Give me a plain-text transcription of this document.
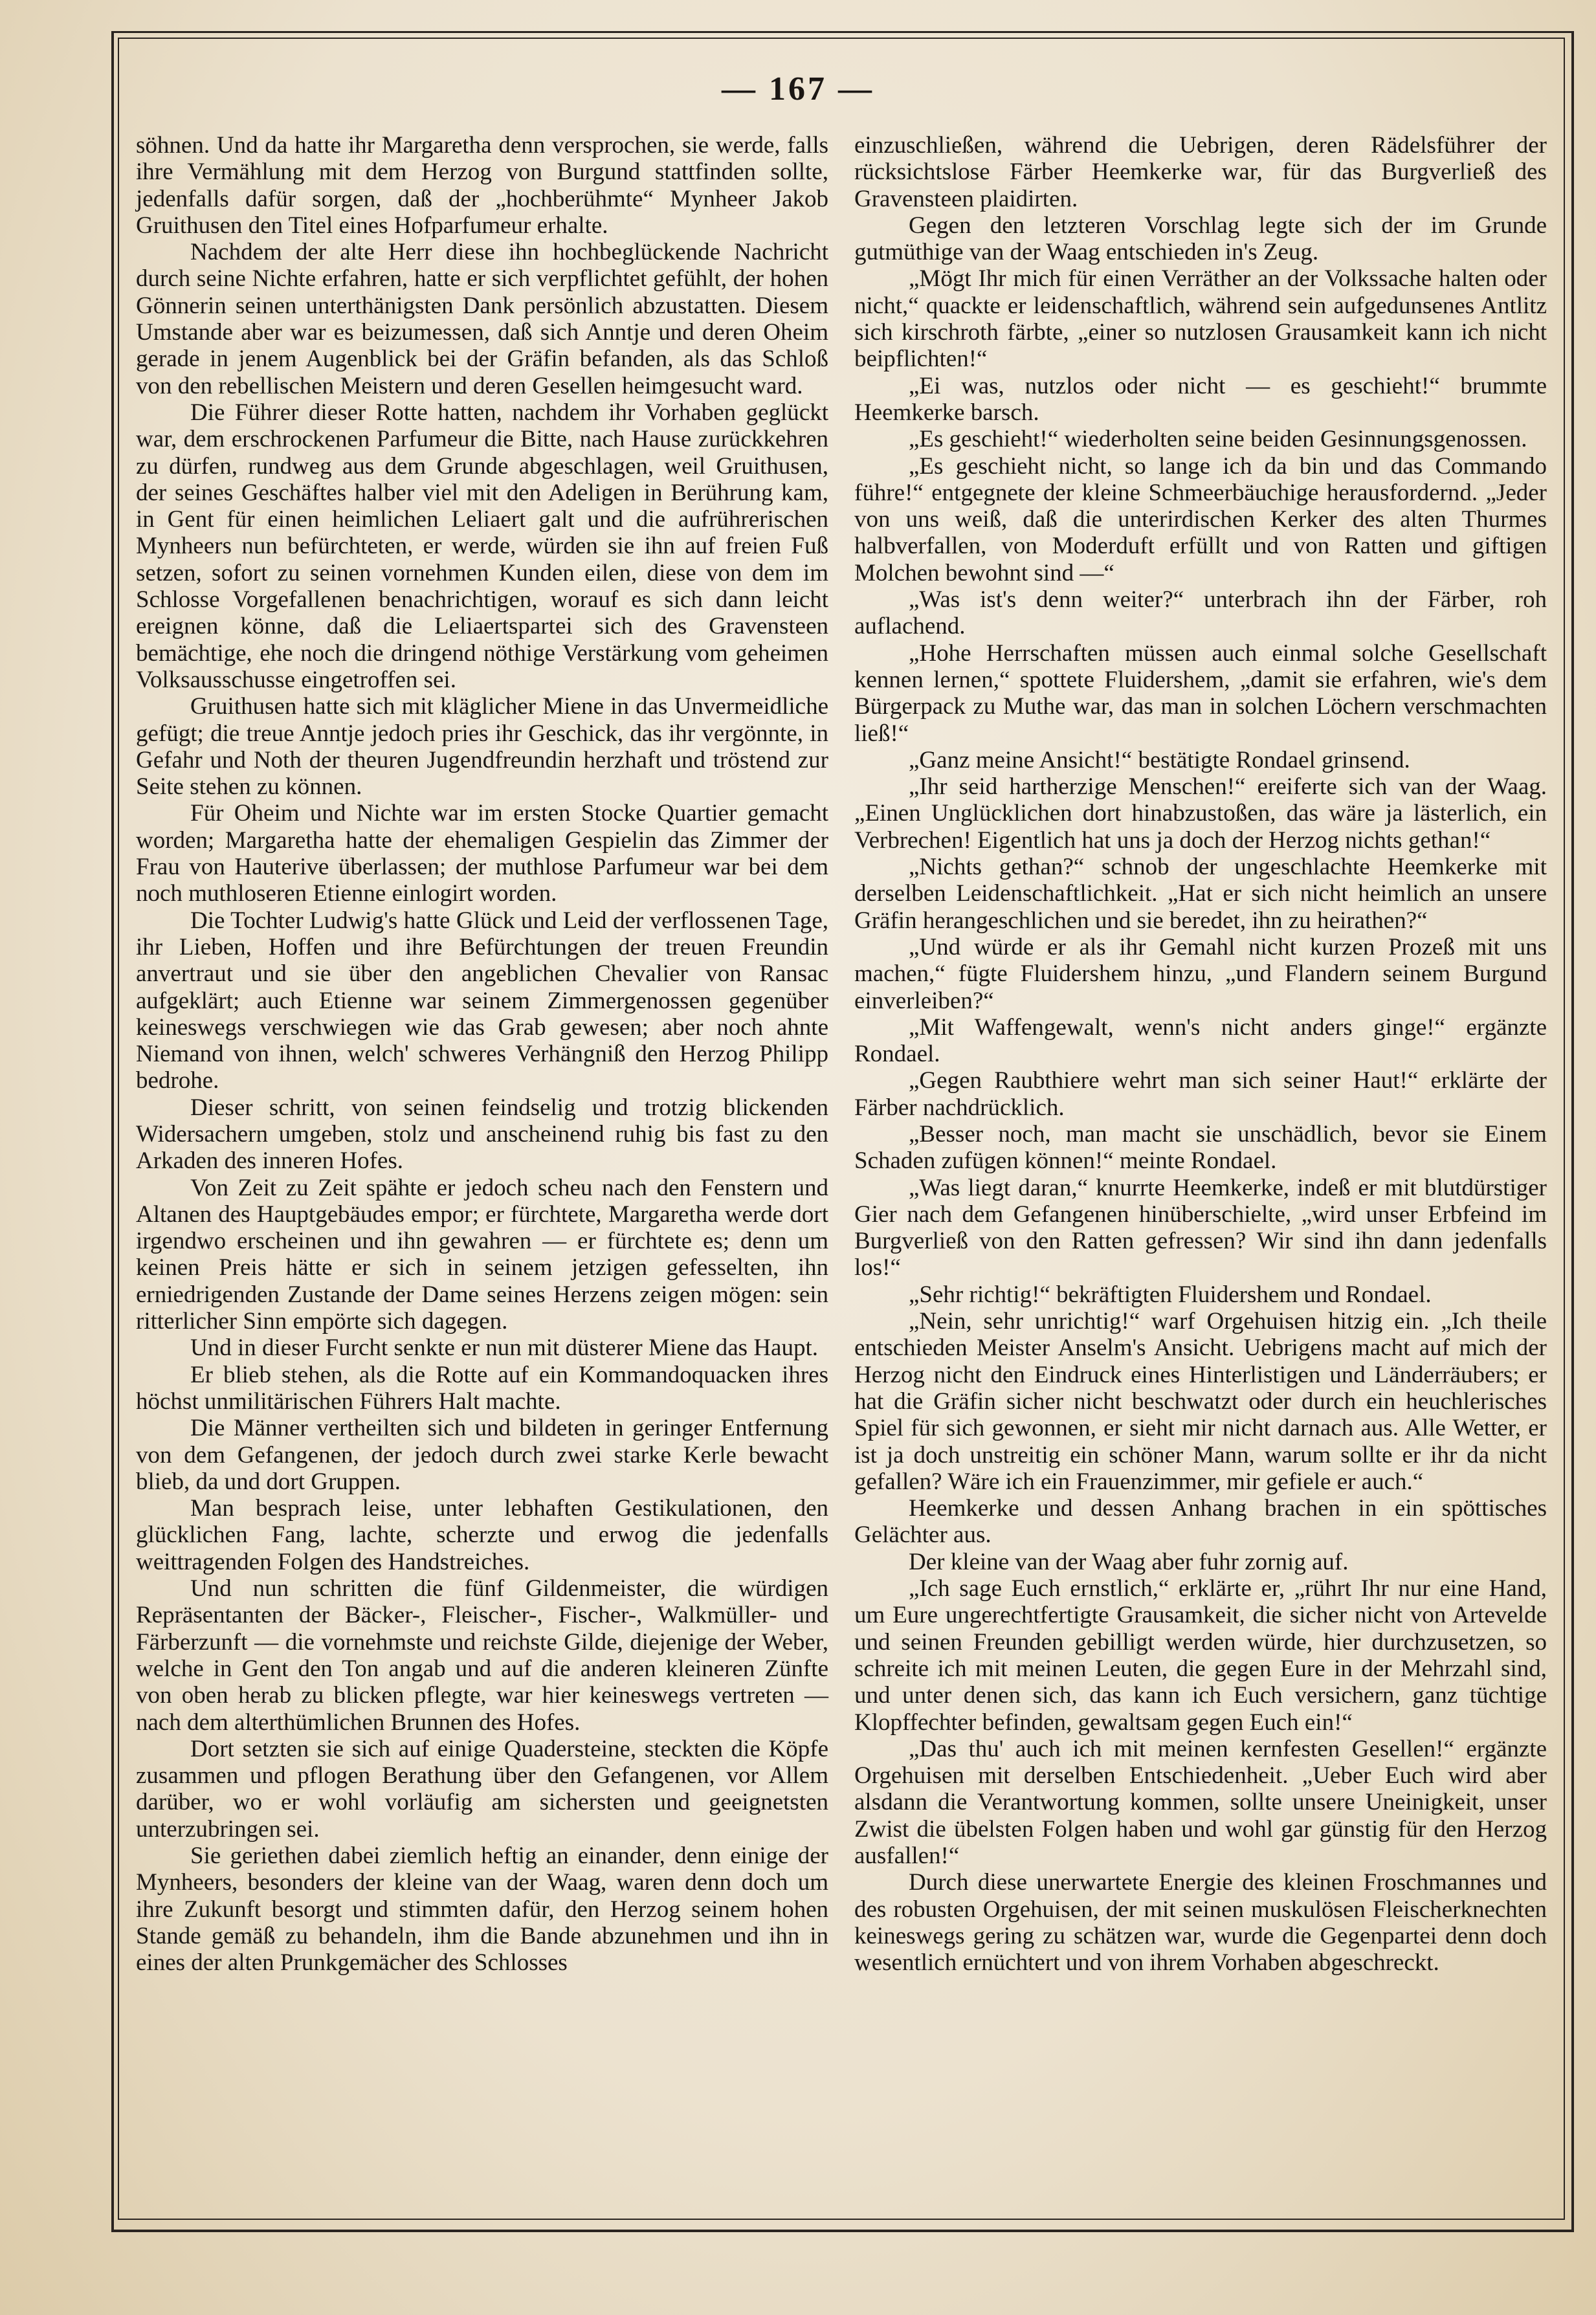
— 167 —

söhnen. Und da hatte ihr Margaretha denn versprochen, sie werde, falls ihre Vermählung mit dem Herzog von Burgund stattfinden sollte, jedenfalls dafür sorgen, daß der „hochberühmte“ Mynheer Jakob Gruithusen den Titel eines Hofparfumeur erhalte.

Nachdem der alte Herr diese ihn hochbeglückende Nachricht durch seine Nichte erfahren, hatte er sich verpflichtet gefühlt, der hohen Gönnerin seinen unterthänigsten Dank persönlich abzustatten. Diesem Umstande aber war es beizumessen, daß sich Anntje und deren Oheim gerade in jenem Augenblick bei der Gräfin befanden, als das Schloß von den rebellischen Meistern und deren Gesellen heimgesucht ward.

Die Führer dieser Rotte hatten, nachdem ihr Vorhaben geglückt war, dem erschrockenen Parfumeur die Bitte, nach Hause zurückkehren zu dürfen, rundweg aus dem Grunde abgeschlagen, weil Gruithusen, der seines Geschäftes halber viel mit den Adeligen in Berührung kam, in Gent für einen heimlichen Leliaert galt und die aufrührerischen Mynheers nun befürchteten, er werde, würden sie ihn auf freien Fuß setzen, sofort zu seinen vornehmen Kunden eilen, diese von dem im Schlosse Vorgefallenen benachrichtigen, worauf es sich dann leicht ereignen könne, daß die Leliaertspartei sich des Gravensteen bemächtige, ehe noch die dringend nöthige Verstärkung vom geheimen Volksausschusse eingetroffen sei.

Gruithusen hatte sich mit kläglicher Miene in das Unvermeidliche gefügt; die treue Anntje jedoch pries ihr Geschick, das ihr vergönnte, in Gefahr und Noth der theuren Jugendfreundin herzhaft und tröstend zur Seite stehen zu können.

Für Oheim und Nichte war im ersten Stocke Quartier gemacht worden; Margaretha hatte der ehemaligen Gespielin das Zimmer der Frau von Hauterive überlassen; der muthlose Parfumeur war bei dem noch muthloseren Etienne einlogirt worden.

Die Tochter Ludwig's hatte Glück und Leid der verflossenen Tage, ihr Lieben, Hoffen und ihre Befürchtungen der treuen Freundin anvertraut und sie über den angeblichen Chevalier von Ransac aufgeklärt; auch Etienne war seinem Zimmergenossen gegenüber keineswegs verschwiegen wie das Grab gewesen; aber noch ahnte Niemand von ihnen, welch' schweres Verhängniß den Herzog Philipp bedrohe.

Dieser schritt, von seinen feindselig und trotzig blickenden Widersachern umgeben, stolz und anscheinend ruhig bis fast zu den Arkaden des inneren Hofes.

Von Zeit zu Zeit spähte er jedoch scheu nach den Fenstern und Altanen des Hauptgebäudes empor; er fürchtete, Margaretha werde dort irgendwo erscheinen und ihn gewahren — er fürchtete es; denn um keinen Preis hätte er sich in seinem jetzigen gefesselten, ihn erniedrigenden Zustande der Dame seines Herzens zeigen mögen: sein ritterlicher Sinn empörte sich dagegen.

Und in dieser Furcht senkte er nun mit düsterer Miene das Haupt.

Er blieb stehen, als die Rotte auf ein Kommandoquacken ihres höchst unmilitärischen Führers Halt machte.

Die Männer vertheilten sich und bildeten in geringer Entfernung von dem Gefangenen, der jedoch durch zwei starke Kerle bewacht blieb, da und dort Gruppen.

Man besprach leise, unter lebhaften Gestikulationen, den glücklichen Fang, lachte, scherzte und erwog die jedenfalls weittragenden Folgen des Handstreiches.

Und nun schritten die fünf Gildenmeister, die würdigen Repräsentanten der Bäcker-, Fleischer-, Fischer-, Walkmüller- und Färberzunft — die vornehmste und reichste Gilde, diejenige der Weber, welche in Gent den Ton angab und auf die anderen kleineren Zünfte von oben herab zu blicken pflegte, war hier keineswegs vertreten — nach dem alterthümlichen Brunnen des Hofes.

Dort setzten sie sich auf einige Quadersteine, steckten die Köpfe zusammen und pflogen Berathung über den Gefangenen, vor Allem darüber, wo er wohl vorläufig am sichersten und geeignetsten unterzubringen sei.

Sie geriethen dabei ziemlich heftig an einander, denn einige der Mynheers, besonders der kleine van der Waag, waren denn doch um ihre Zukunft besorgt und stimmten dafür, den Herzog seinem hohen Stande gemäß zu behandeln, ihm die Bande abzunehmen und ihn in eines der alten Prunkgemächer des Schlosses

einzuschließen, während die Uebrigen, deren Rädelsführer der rücksichtslose Färber Heemkerke war, für das Burgverließ des Gravensteen plaidirten.

Gegen den letzteren Vorschlag legte sich der im Grunde gutmüthige van der Waag entschieden in's Zeug.

„Mögt Ihr mich für einen Verräther an der Volkssache halten oder nicht,“ quackte er leidenschaftlich, während sein aufgedunsenes Antlitz sich kirschroth färbte, „einer so nutzlosen Grausamkeit kann ich nicht beipflichten!“

„Ei was, nutzlos oder nicht — es geschieht!“ brummte Heemkerke barsch.

„Es geschieht!“ wiederholten seine beiden Gesinnungsgenossen.

„Es geschieht nicht, so lange ich da bin und das Commando führe!“ entgegnete der kleine Schmeerbäuchige herausfordernd. „Jeder von uns weiß, daß die unterirdischen Kerker des alten Thurmes halbverfallen, von Moderduft erfüllt und von Ratten und giftigen Molchen bewohnt sind —“

„Was ist's denn weiter?“ unterbrach ihn der Färber, roh auflachend.

„Hohe Herrschaften müssen auch einmal solche Gesellschaft kennen lernen,“ spottete Fluidershem, „damit sie erfahren, wie's dem Bürgerpack zu Muthe war, das man in solchen Löchern verschmachten ließ!“

„Ganz meine Ansicht!“ bestätigte Rondael grinsend.

„Ihr seid hartherzige Menschen!“ ereiferte sich van der Waag. „Einen Unglücklichen dort hinabzustoßen, das wäre ja lästerlich, ein Verbrechen! Eigentlich hat uns ja doch der Herzog nichts gethan!“

„Nichts gethan?“ schnob der ungeschlachte Heemkerke mit derselben Leidenschaftlichkeit. „Hat er sich nicht heimlich an unsere Gräfin herangeschlichen und sie beredet, ihn zu heirathen?“

„Und würde er als ihr Gemahl nicht kurzen Prozeß mit uns machen,“ fügte Fluidershem hinzu, „und Flandern seinem Burgund einverleiben?“

„Mit Waffengewalt, wenn's nicht anders ginge!“ ergänzte Rondael.

„Gegen Raubthiere wehrt man sich seiner Haut!“ erklärte der Färber nachdrücklich.

„Besser noch, man macht sie unschädlich, bevor sie Einem Schaden zufügen können!“ meinte Rondael.

„Was liegt daran,“ knurrte Heemkerke, indeß er mit blutdürstiger Gier nach dem Gefangenen hinüberschielte, „wird unser Erbfeind im Burgverließ von den Ratten gefressen? Wir sind ihn dann jedenfalls los!“

„Sehr richtig!“ bekräftigten Fluidershem und Rondael.

„Nein, sehr unrichtig!“ warf Orgehuisen hitzig ein. „Ich theile entschieden Meister Anselm's Ansicht. Uebrigens macht auf mich der Herzog nicht den Eindruck eines Hinterlistigen und Länderräubers; er hat die Gräfin sicher nicht beschwatzt oder durch ein heuchlerisches Spiel für sich gewonnen, er sieht mir nicht darnach aus. Alle Wetter, er ist ja doch unstreitig ein schöner Mann, warum sollte er ihr da nicht gefallen? Wäre ich ein Frauenzimmer, mir gefiele er auch.“

Heemkerke und dessen Anhang brachen in ein spöttisches Gelächter aus.

Der kleine van der Waag aber fuhr zornig auf.

„Ich sage Euch ernstlich,“ erklärte er, „rührt Ihr nur eine Hand, um Eure ungerechtfertigte Grausamkeit, die sicher nicht von Artevelde und seinen Freunden gebilligt werden würde, hier durchzusetzen, so schreite ich mit meinen Leuten, die gegen Eure in der Mehrzahl sind, und unter denen sich, das kann ich Euch versichern, ganz tüchtige Klopffechter befinden, gewaltsam gegen Euch ein!“

„Das thu' auch ich mit meinen kernfesten Gesellen!“ ergänzte Orgehuisen mit derselben Entschiedenheit. „Ueber Euch wird aber alsdann die Verantwortung kommen, sollte unsere Uneinigkeit, unser Zwist die übelsten Folgen haben und wohl gar günstig für den Herzog ausfallen!“

Durch diese unerwartete Energie des kleinen Froschmannes und des robusten Orgehuisen, der mit seinen muskulösen Fleischerknechten keineswegs gering zu schätzen war, wurde die Gegenpartei denn doch wesentlich ernüchtert und von ihrem Vorhaben abgeschreckt.
